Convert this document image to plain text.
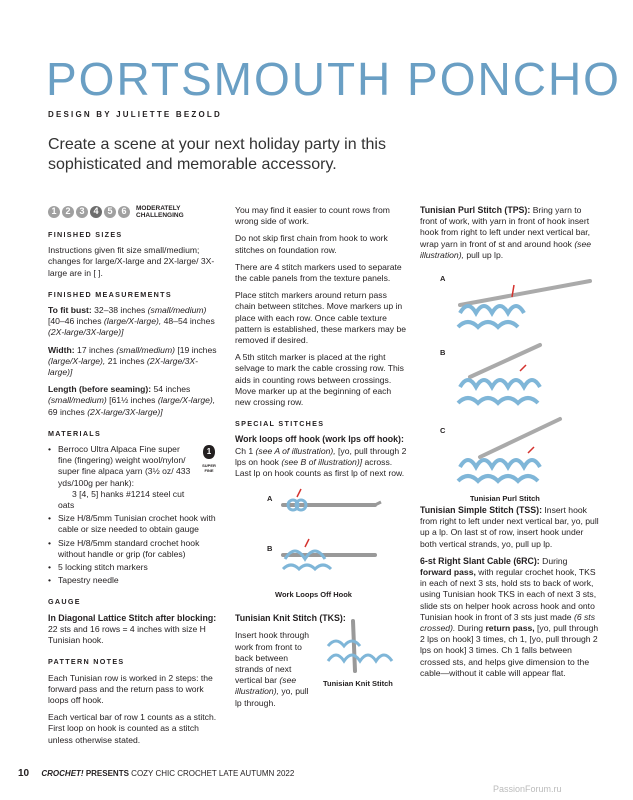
PORTSMOUTH PONCHO
DESIGN BY JULIETTE BEZOLD
Create a scene at your next holiday party in this sophisticated and memorable accessory.
1 2 3 4 5 6	MODERATELY
CHALLENGING
FINISHED SIZES

Instructions given fit size small/medium; changes for large/X-large and 2X-large/ 3X-large are in [ ].

FINISHED MEASUREMENTS

To fit bust: 32–38 inches (small/medium) [40–46 inches (large/X-large), 48–54 inches (2X-large/3X-large)]

Width: 17 inches (small/medium) [19 inches (large/X-large), 21 inches (2X-large/3X-large)]

Length (before seaming): 54 inches (small/medium) [61½ inches (large/X-large), 69 inches (2X-large/3X-large)]

MATERIALS
1
SUPER FINE
• Berroco Ultra Alpaca Fine super fine (fingering) weight wool/nylon/ super fine alpaca yarn (3½ oz/ 433 yds/100g per hank):
3 [4, 5] hanks #1214 steel cut oats
• Size H/8/5mm Tunisian crochet hook with cable or size needed to obtain gauge
• Size H/8/5mm standard crochet hook without handle or grip (for cables)
• 5 locking stitch markers
• Tapestry needle
GAUGE

In Diagonal Lattice Stitch after blocking:
22 sts and 16 rows = 4 inches with size H Tunisian hook.

PATTERN NOTES

Each Tunisian row is worked in 2 steps: the forward pass and the return pass to work loops off hook.

Each vertical bar of row 1 counts as a stitch. First loop on hook is counted as a stitch unless otherwise stated.

You may find it easier to count rows from wrong side of work.

Do not skip first chain from hook to work stitches on foundation row.

There are 4 stitch markers used to separate the cable panels from the texture panels.

Place stitch markers around return pass chain between stitches. Move markers up in place with each row. Once cable texture pattern is established, these markers may be removed if desired.

A 5th stitch marker is placed at the right selvage to mark the cable crossing row. This aids in counting rows between crossings. Move marker up at the beginning of each new crossing row.

SPECIAL STITCHES

Work loops off hook (work lps off hook): Ch 1 (see A of illustration), [yo, pull through 2 lps on hook (see B of illustration)] across. Last lp on hook counts as first lp of next row.

A
B
Work Loops Off Hook

Tunisian Knit Stitch (TKS):

Insert hook through work from front to back between strands of next vertical bar (see illustration), yo, pull lp through.

Tunisian Knit Stitch

Tunisian Purl Stitch (TPS): Bring yarn to front of work, with yarn in front of hook insert hook from right to left under next vertical bar, wrap yarn in front of st and around hook (see illustration), pull up lp.

A
B
C
Tunisian Purl Stitch

Tunisian Simple Stitch (TSS): Insert hook from right to left under next vertical bar, yo, pull up a lp. On last st of row, insert hook under both vertical strands, yo, pull up lp.

6-st Right Slant Cable (6RC): During forward pass, with regular crochet hook, TKS in each of next 3 sts, hold sts to back of work, using Tunisian hook TKS in each of next 3 sts, slide sts on helper hook across hook and onto Tunisian hook in front of 3 sts just made (6 sts crossed). During return pass, [yo, pull through 2 lps on hook] 3 times, ch 1, [yo, pull through 2 lps on hook] 3 times. Ch 1 falls between crossed sts, and helps give dimension to the cable—without it cable will appear flat.

10 CROCHET! PRESENTS COZY CHIC CROCHET LATE AUTUMN 2022
PassionForum.ru
